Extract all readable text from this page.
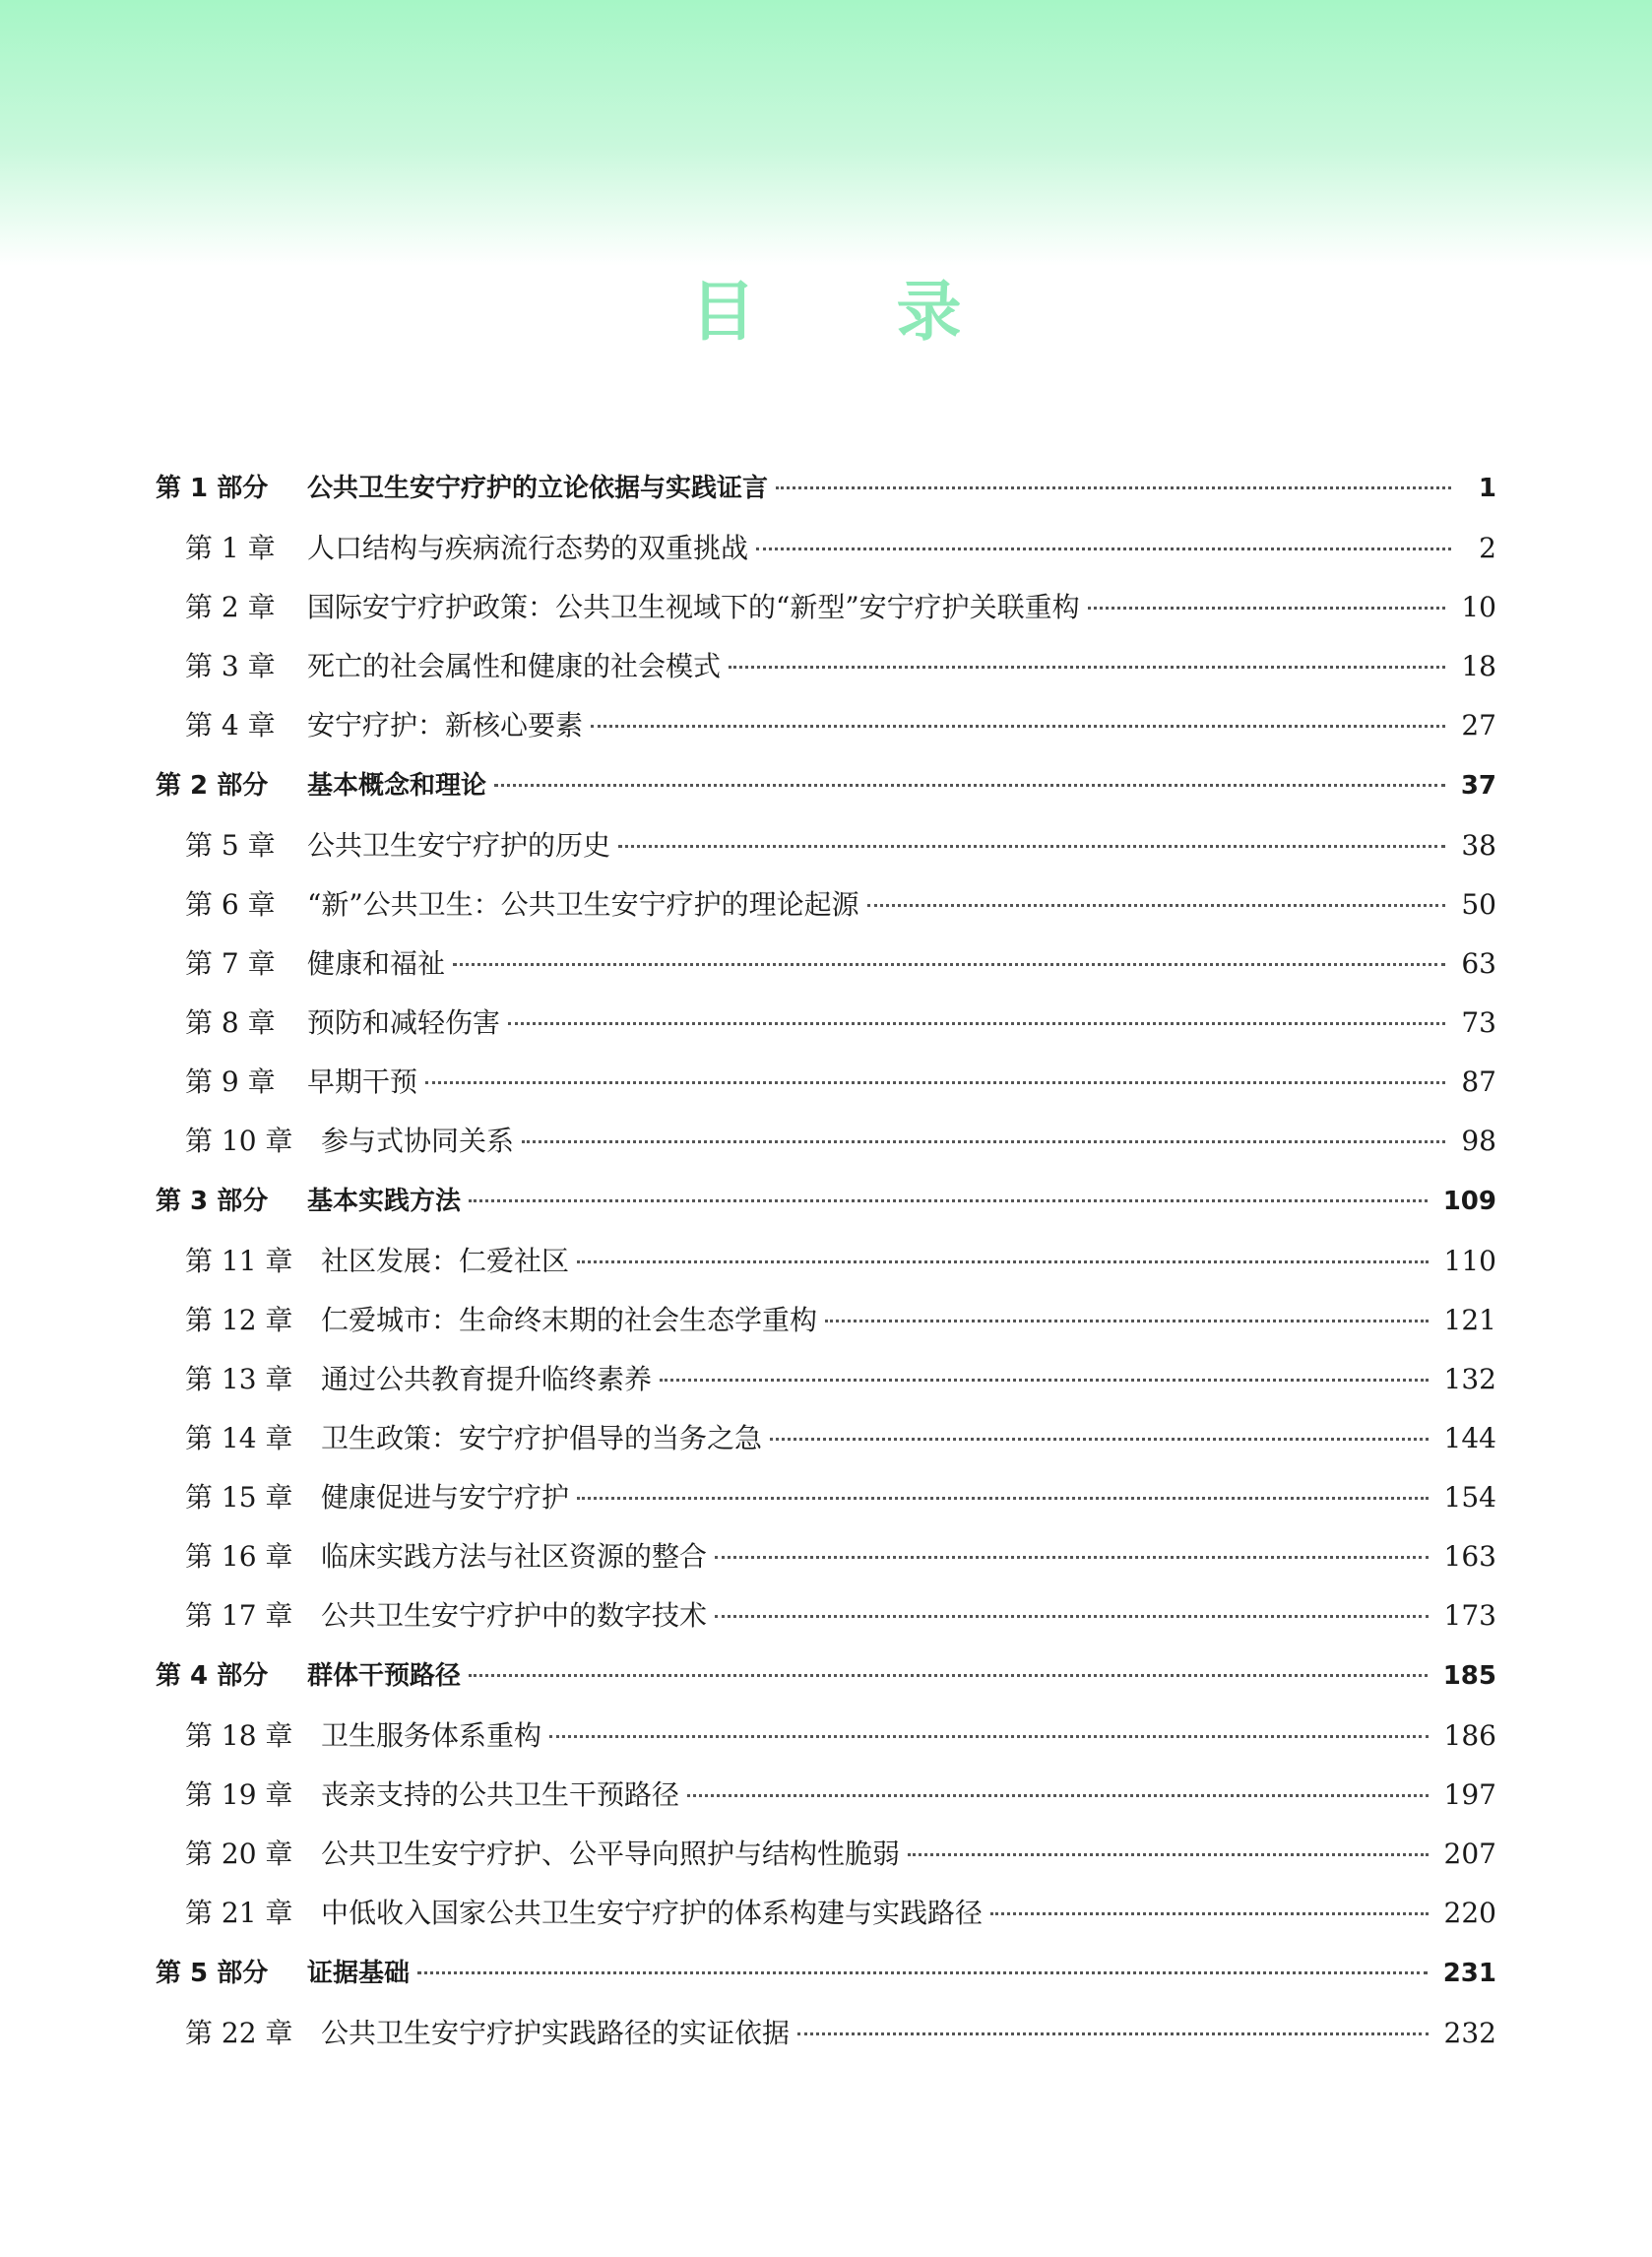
目 录
第 1 部分	公共卫生安宁疗护的立论依据与实践证言	1
第 1 章	人口结构与疾病流行态势的双重挑战	2
第 2 章	国际安宁疗护政策：公共卫生视域下的“新型”安宁疗护关联重构	10
第 3 章	死亡的社会属性和健康的社会模式	18
第 4 章	安宁疗护：新核心要素	27
第 2 部分	基本概念和理论	37
第 5 章	公共卫生安宁疗护的历史	38
第 6 章	“新”公共卫生：公共卫生安宁疗护的理论起源	50
第 7 章	健康和福祉	63
第 8 章	预防和减轻伤害	73
第 9 章	早期干预	87
第 10 章	参与式协同关系	98
第 3 部分	基本实践方法	109
第 11 章	社区发展：仁爱社区	110
第 12 章	仁爱城市：生命终末期的社会生态学重构	121
第 13 章	通过公共教育提升临终素养	132
第 14 章	卫生政策：安宁疗护倡导的当务之急	144
第 15 章	健康促进与安宁疗护	154
第 16 章	临床实践方法与社区资源的整合	163
第 17 章	公共卫生安宁疗护中的数字技术	173
第 4 部分	群体干预路径	185
第 18 章	卫生服务体系重构	186
第 19 章	丧亲支持的公共卫生干预路径	197
第 20 章	公共卫生安宁疗护、公平导向照护与结构性脆弱	207
第 21 章	中低收入国家公共卫生安宁疗护的体系构建与实践路径	220
第 5 部分	证据基础	231
第 22 章	公共卫生安宁疗护实践路径的实证依据	232
